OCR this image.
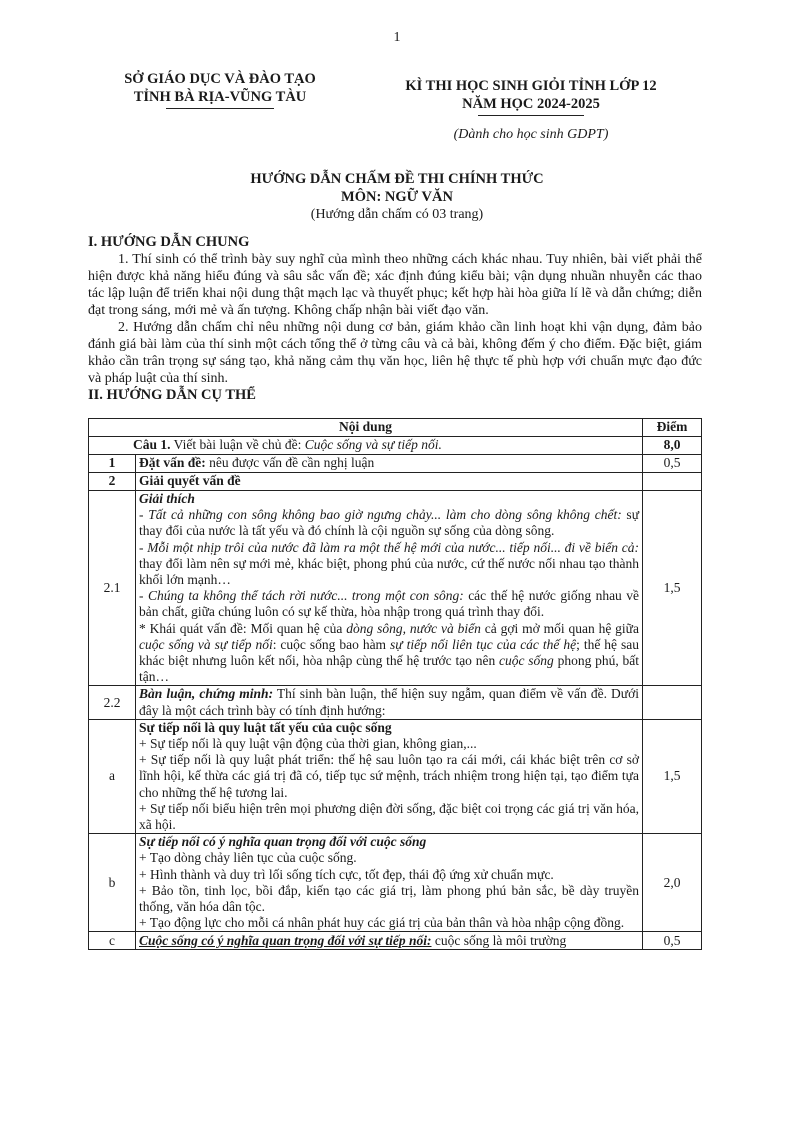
1
SỞ GIÁO DỤC VÀ ĐÀO TẠO
TỈNH BÀ RỊA-VŨNG TÀU
KÌ THI HỌC SINH GIỎI TỈNH LỚP 12
NĂM HỌC 2024-2025
(Dành cho học sinh GDPT)
HƯỚNG DẪN CHẤM ĐỀ THI CHÍNH THỨC
MÔN: NGỮ VĂN
(Hướng dẫn chấm có 03 trang)

I. HƯỚNG DẪN CHUNG

1. Thí sinh có thể trình bày suy nghĩ của mình theo những cách khác nhau. Tuy nhiên, bài viết phải thể hiện được khả năng hiểu đúng và sâu sắc vấn đề; xác định đúng kiểu bài; vận dụng nhuần nhuyễn các thao tác lập luận để triển khai nội dung thật mạch lạc và thuyết phục; kết hợp hài hòa giữa lí lẽ và dẫn chứng; diễn đạt trong sáng, mới mẻ và ấn tượng. Không chấp nhận bài viết đạo văn.

2. Hướng dẫn chấm chỉ nêu những nội dung cơ bản, giám khảo cần linh hoạt khi vận dụng, đảm bảo đánh giá bài làm của thí sinh một cách tổng thể ở từng câu và cả bài, không đếm ý cho điểm. Đặc biệt, giám khảo cần trân trọng sự sáng tạo, khả năng cảm thụ văn học, liên hệ thực tế phù hợp với chuẩn mực đạo đức và pháp luật của thí sinh.

II. HƯỚNG DẪN CỤ THỂ

Nội dung		Điểm
Câu 1. Viết bài luận về chủ đề: Cuộc sống và sự tiếp nối.		8,0
1	Đặt vấn đề: nêu được vấn đề cần nghị luận	0,5
2	Giải quyết vấn đề	
2.1	Giải thích
- Tất cả những con sông không bao giờ ngưng chảy... làm cho dòng sông không chết: sự thay đổi của nước là tất yếu và đó chính là cội nguồn sự sống của dòng sông.
- Mỗi một nhịp trôi của nước đã làm ra một thế hệ mới của nước... tiếp nối... đi về biển cả: thay đổi làm nên sự mới mẻ, khác biệt, phong phú của nước, cứ thế nước nối nhau tạo thành khối lớn mạnh…
- Chúng ta không thể tách rời nước... trong một con sông: các thế hệ nước giống nhau về bản chất, giữa chúng luôn có sự kế thừa, hòa nhập trong quá trình thay đổi.
* Khái quát vấn đề: Mối quan hệ của dòng sông, nước và biển cả gợi mở mối quan hệ giữa cuộc sống và sự tiếp nối: cuộc sống bao hàm sự tiếp nối liên tục của các thế hệ; thế hệ sau khác biệt nhưng luôn kết nối, hòa nhập cùng thế hệ trước tạo nên cuộc sống phong phú, bất tận…	1,5
2.2	Bàn luận, chứng minh: Thí sinh bàn luận, thể hiện suy ngẫm, quan điểm về vấn đề. Dưới đây là một cách trình bày có tính định hướng:	
a	Sự tiếp nối là quy luật tất yếu của cuộc sống
+ Sự tiếp nối là quy luật vận động của thời gian, không gian,...
+ Sự tiếp nối là quy luật phát triển: thế hệ sau luôn tạo ra cái mới, cái khác biệt trên cơ sở lĩnh hội, kế thừa các giá trị đã có, tiếp tục sứ mệnh, trách nhiệm trong hiện tại, tạo điểm tựa cho những thế hệ tương lai.
+ Sự tiếp nối biểu hiện trên mọi phương diện đời sống, đặc biệt coi trọng các giá trị văn hóa, xã hội.	1,5
b	Sự tiếp nối có ý nghĩa quan trọng đối với cuộc sống
+ Tạo dòng chảy liên tục của cuộc sống.
+ Hình thành và duy trì lối sống tích cực, tốt đẹp, thái độ ứng xử chuẩn mực.
+ Bảo tồn, tinh lọc, bồi đắp, kiến tạo các giá trị, làm phong phú bản sắc, bề dày truyền thống, văn hóa dân tộc.
+ Tạo động lực cho mỗi cá nhân phát huy các giá trị của bản thân và hòa nhập cộng đồng.	2,0
c	Cuộc sống có ý nghĩa quan trọng đối với sự tiếp nối: cuộc sống là môi trường	0,5
